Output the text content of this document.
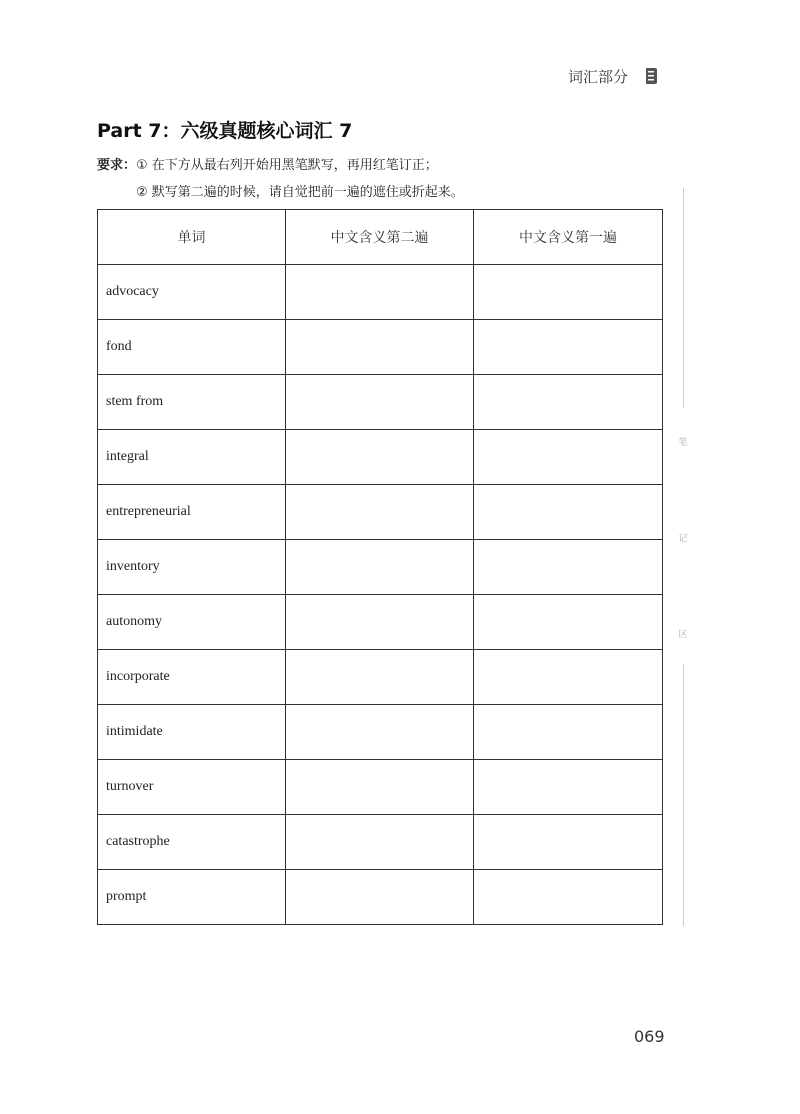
词汇部分
Part 7：六级真题核心词汇 7
要求：① 在下方从最右列开始用黑笔默写，再用红笔订正；
② 默写第二遍的时候，请自觉把前一遍的遮住或折起来。
单词	中文含义第二遍	中文含义第一遍
advocacy		
fond		
stem from		
integral		
entrepreneurial		
inventory		
autonomy		
incorporate		
intimidate		
turnover		
catastrophe		
prompt		
笔
记
区
069
